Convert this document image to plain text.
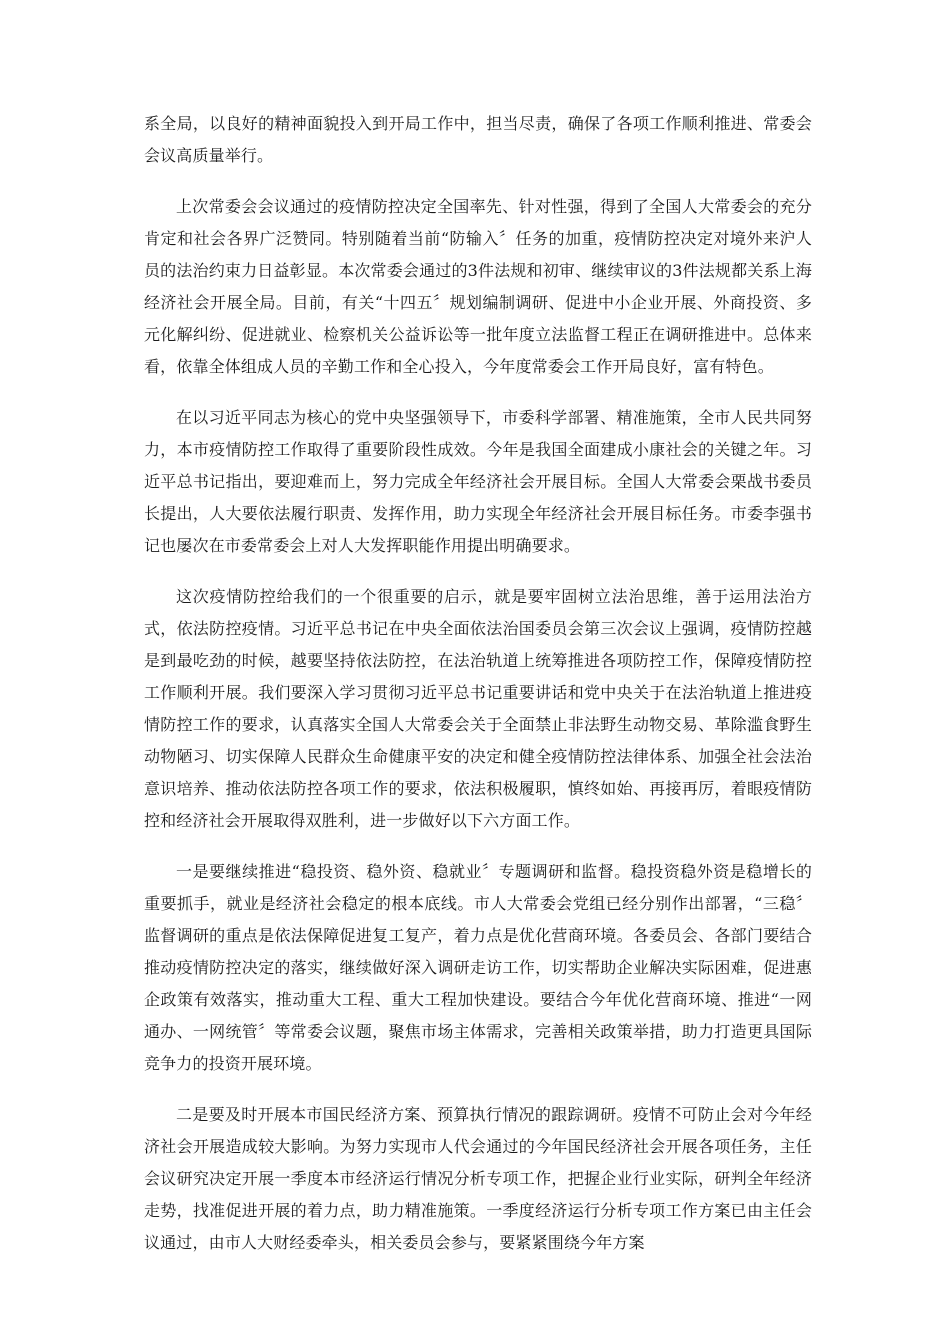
系全局，以良好的精神面貌投入到开局工作中，担当尽责，确保了各项工作顺利推进、常委会会议高质量举行。

上次常委会会议通过的疫情防控决定全国率先、针对性强，得到了全国人大常委会的充分肯定和社会各界广泛赞同。特别随着当前“防输入〞任务的加重，疫情防控决定对境外来沪人员的法治约束力日益彰显。本次常委会通过的3件法规和初审、继续审议的3件法规都关系上海经济社会开展全局。目前，有关“十四五〞规划编制调研、促进中小企业开展、外商投资、多元化解纠纷、促进就业、检察机关公益诉讼等一批年度立法监督工程正在调研推进中。总体来看，依靠全体组成人员的辛勤工作和全心投入，今年度常委会工作开局良好，富有特色。

在以习近平同志为核心的党中央坚强领导下，市委科学部署、精准施策，全市人民共同努力，本市疫情防控工作取得了重要阶段性成效。今年是我国全面建成小康社会的关键之年。习近平总书记指出，要迎难而上，努力完成全年经济社会开展目标。全国人大常委会栗战书委员长提出，人大要依法履行职责、发挥作用，助力实现全年经济社会开展目标任务。市委李强书记也屡次在市委常委会上对人大发挥职能作用提出明确要求。

这次疫情防控给我们的一个很重要的启示，就是要牢固树立法治思维，善于运用法治方式，依法防控疫情。习近平总书记在中央全面依法治国委员会第三次会议上强调，疫情防控越是到最吃劲的时候，越要坚持依法防控，在法治轨道上统筹推进各项防控工作，保障疫情防控工作顺利开展。我们要深入学习贯彻习近平总书记重要讲话和党中央关于在法治轨道上推进疫情防控工作的要求，认真落实全国人大常委会关于全面禁止非法野生动物交易、革除滥食野生动物陋习、切实保障人民群众生命健康平安的决定和健全疫情防控法律体系、加强全社会法治意识培养、推动依法防控各项工作的要求，依法积极履职，慎终如始、再接再厉，着眼疫情防控和经济社会开展取得双胜利，进一步做好以下六方面工作。

一是要继续推进“稳投资、稳外资、稳就业〞专题调研和监督。稳投资稳外资是稳增长的重要抓手，就业是经济社会稳定的根本底线。市人大常委会党组已经分别作出部署，“三稳〞监督调研的重点是依法保障促进复工复产，着力点是优化营商环境。各委员会、各部门要结合推动疫情防控决定的落实，继续做好深入调研走访工作，切实帮助企业解决实际困难，促进惠企政策有效落实，推动重大工程、重大工程加快建设。要结合今年优化营商环境、推进“一网通办、一网统管〞等常委会议题，聚焦市场主体需求，完善相关政策举措，助力打造更具国际竞争力的投资开展环境。

二是要及时开展本市国民经济方案、预算执行情况的跟踪调研。疫情不可防止会对今年经济社会开展造成较大影响。为努力实现市人代会通过的今年国民经济社会开展各项任务，主任会议研究决定开展一季度本市经济运行情况分析专项工作，把握企业行业实际，研判全年经济走势，找准促进开展的着力点，助力精准施策。一季度经济运行分析专项工作方案已由主任会议通过，由市人大财经委牵头，相关委员会参与，要紧紧围绕今年方案
